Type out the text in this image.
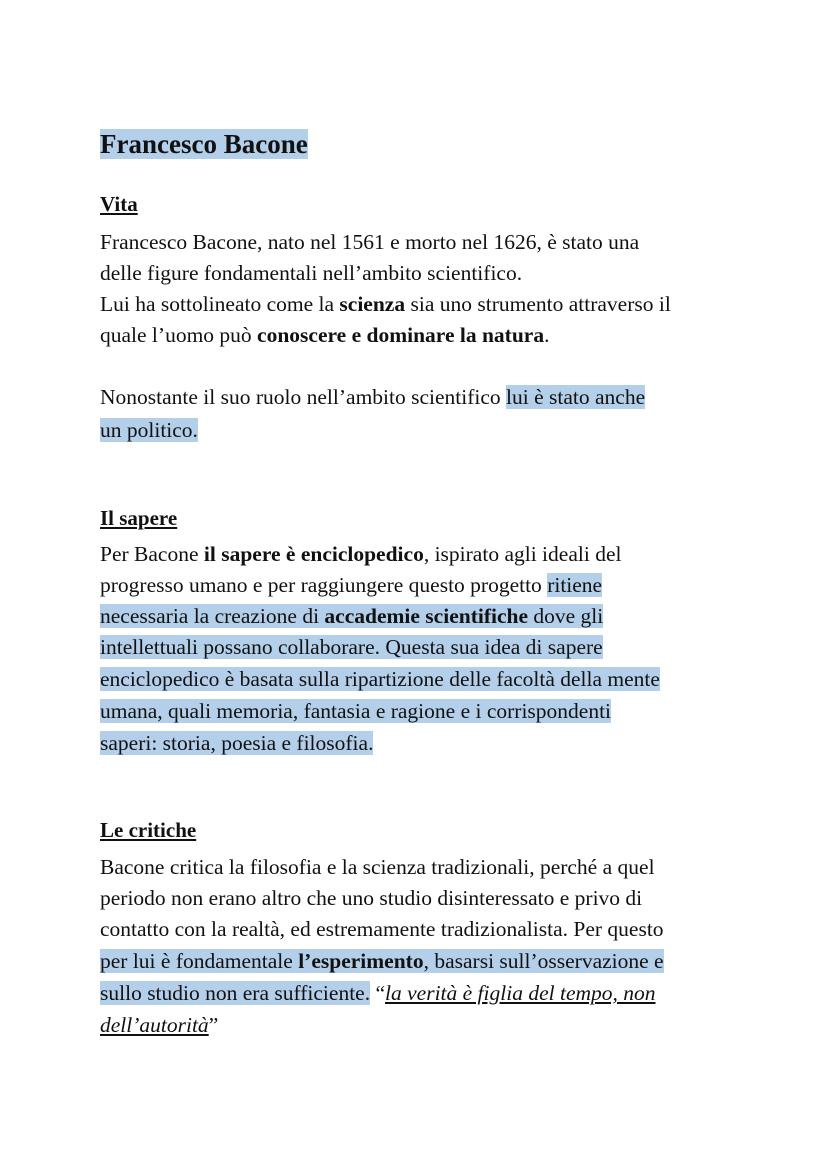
Francesco Bacone
Vita

Francesco Bacone, nato nel 1561 e morto nel 1626, è stato una

delle figure fondamentali nell’ambito scientifico.

Lui ha sottolineato come la scienza sia uno strumento attraverso il

quale l’uomo può conoscere e dominare la natura.

Nonostante il suo ruolo nell’ambito scientifico lui è stato anche

un politico.

Il sapere

Per Bacone il sapere è enciclopedico, ispirato agli ideali del

progresso umano e per raggiungere questo progetto ritiene

necessaria la creazione di accademie scientifiche dove gli

intellettuali possano collaborare. Questa sua idea di sapere

enciclopedico è basata sulla ripartizione delle facoltà della mente

umana, quali memoria, fantasia e ragione e i corrispondenti

saperi: storia, poesia e filosofia.

Le critiche

Bacone critica la filosofia e la scienza tradizionali, perché a quel

periodo non erano altro che uno studio disinteressato e privo di

contatto con la realtà, ed estremamente tradizionalista. Per questo

per lui è fondamentale l’esperimento, basarsi sull’osservazione e

sullo studio non era sufficiente. “la verità è figlia del tempo, non

dell’autorità”
